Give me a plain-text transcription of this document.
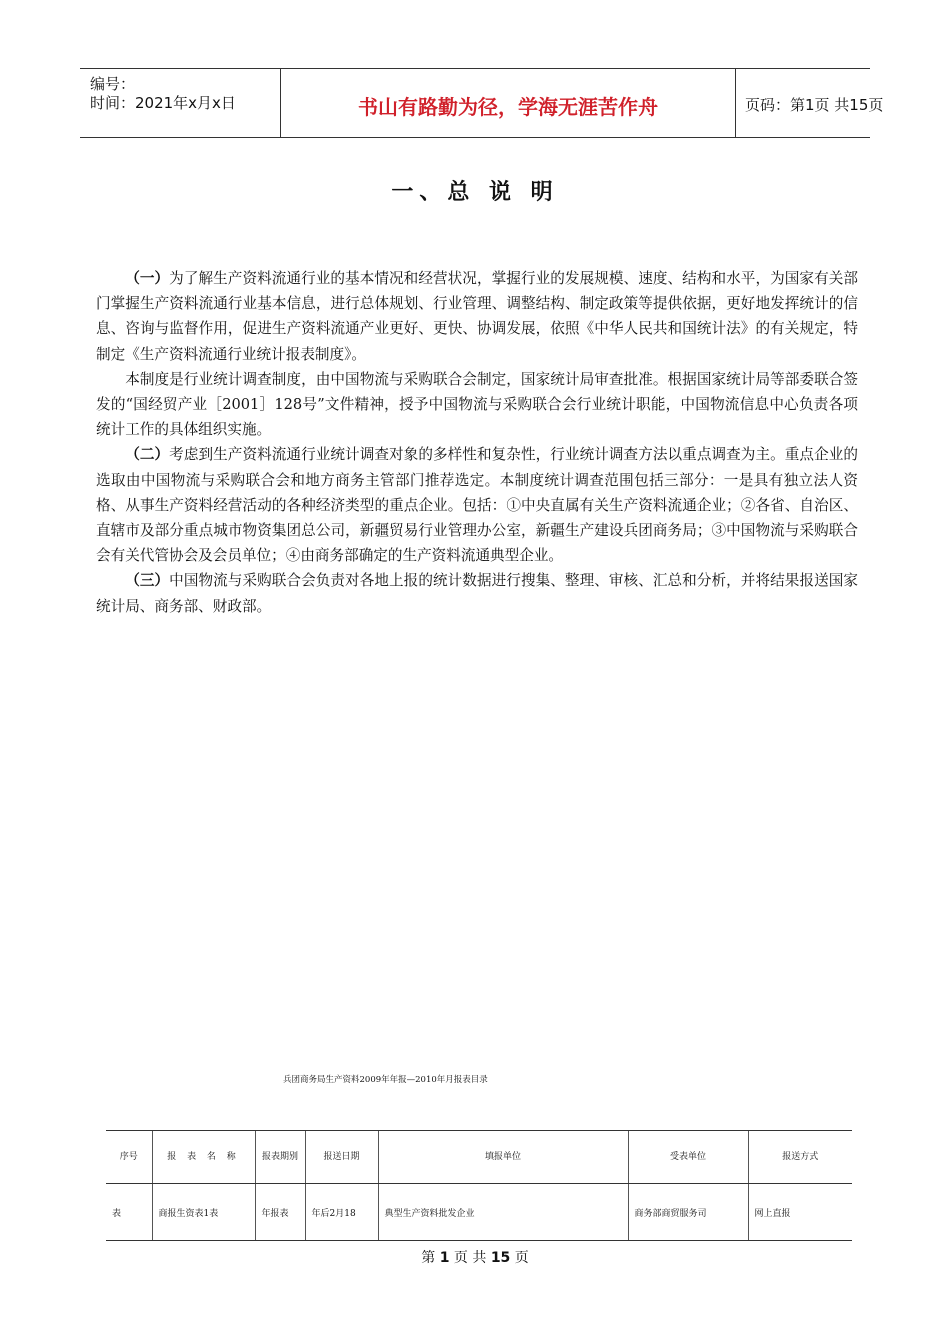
编号：
时间：2021年x月x日	书山有路勤为径，学海无涯苦作舟	页码：第1页 共15页
一、总 说 明

（一）为了解生产资料流通行业的基本情况和经营状况，掌握行业的发展规模、速度、结构和水平，为国家有关部门掌握生产资料流通行业基本信息，进行总体规划、行业管理、调整结构、制定政策等提供依据，更好地发挥统计的信息、咨询与监督作用，促进生产资料流通产业更好、更快、协调发展，依照《中华人民共和国统计法》的有关规定，特制定《生产资料流通行业统计报表制度》。

本制度是行业统计调查制度，由中国物流与采购联合会制定，国家统计局审查批准。根据国家统计局等部委联合签发的“国经贸产业［2001］128号”文件精神，授予中国物流与采购联合会行业统计职能，中国物流信息中心负责各项统计工作的具体组织实施。

（二）考虑到生产资料流通行业统计调查对象的多样性和复杂性，行业统计调查方法以重点调查为主。重点企业的选取由中国物流与采购联合会和地方商务主管部门推荐选定。本制度统计调查范围包括三部分：一是具有独立法人资格、从事生产资料经营活动的各种经济类型的重点企业。包括：①中央直属有关生产资料流通企业；②各省、自治区、直辖市及部分重点城市物资集团总公司，新疆贸易行业管理办公室，新疆生产建设兵团商务局；③中国物流与采购联合会有关代管协会及会员单位；④由商务部确定的生产资料流通典型企业。

（三）中国物流与采购联合会负责对各地上报的统计数据进行搜集、整理、审核、汇总和分析，并将结果报送国家统计局、商务部、财政部。

兵团商务局生产资料2009年年报—2010年月报表目录
序号	报 表 名 称	报表期别	报送日期	填报单位	受表单位	报送方式
表	商报生资表1表	年报表	年后2月18	典型生产资料批发企业	商务部商贸服务司	网上直报
第 1 页 共 15 页
